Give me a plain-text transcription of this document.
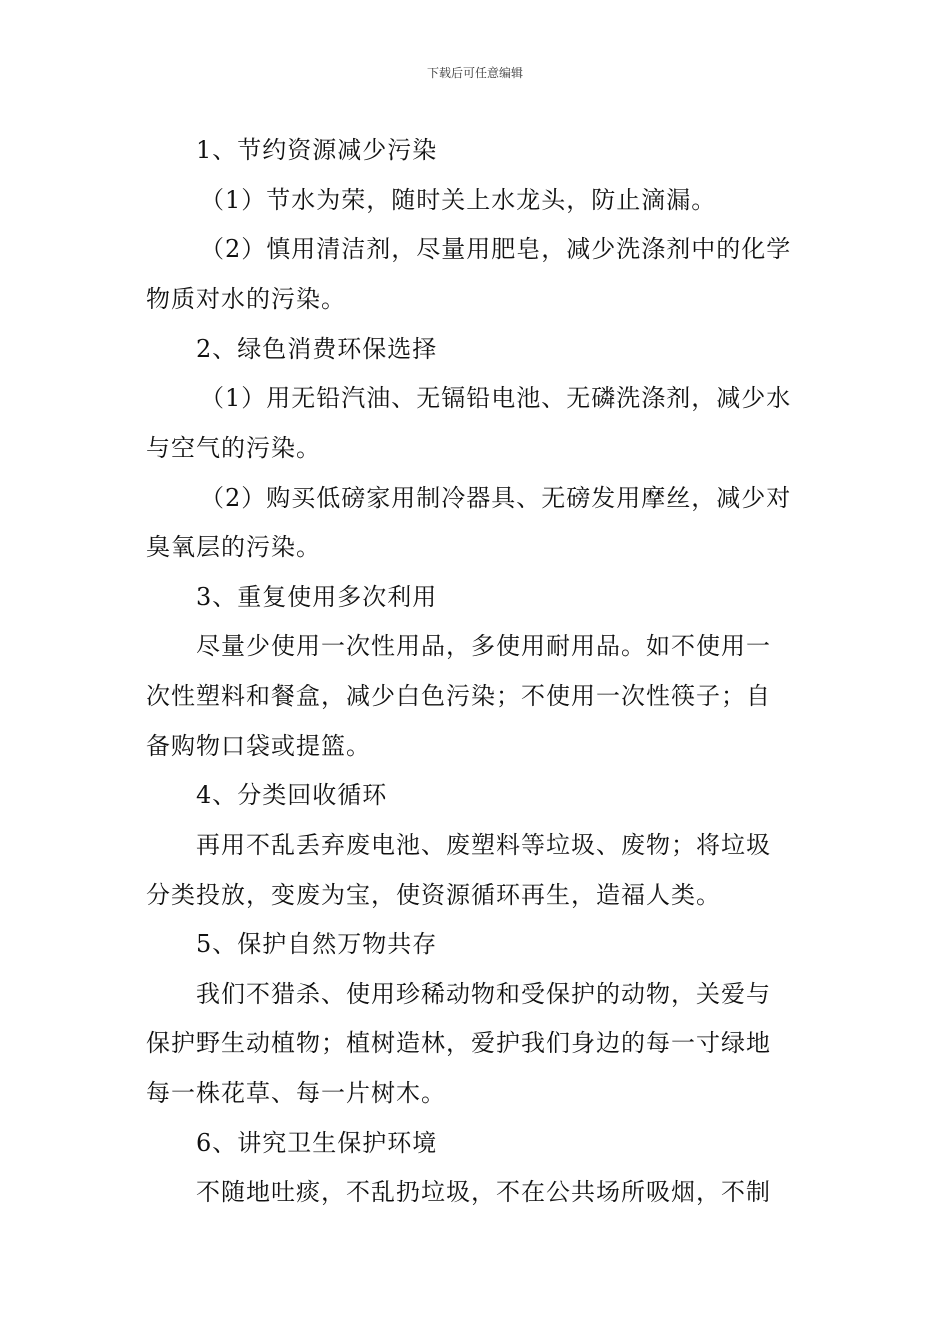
下载后可任意编辑
1、节约资源减少污染
（1）节水为荣，随时关上水龙头，防止滴漏。
（2）慎用清洁剂，尽量用肥皂，减少洗涤剂中的化学
物质对水的污染。
2、绿色消费环保选择
（1）用无铅汽油、无镉铅电池、无磷洗涤剂，减少水
与空气的污染。
（2）购买低磅家用制冷器具、无磅发用摩丝，减少对
臭氧层的污染。
3、重复使用多次利用
尽量少使用一次性用品，多使用耐用品。如不使用一
次性塑料和餐盒，减少白色污染；不使用一次性筷子；自
备购物口袋或提篮。
4、分类回收循环
再用不乱丢弃废电池、废塑料等垃圾、废物；将垃圾
分类投放，变废为宝，使资源循环再生，造福人类。
5、保护自然万物共存
我们不猎杀、使用珍稀动物和受保护的动物，关爱与
保护野生动植物；植树造林，爱护我们身边的每一寸绿地
每一株花草、每一片树木。
6、讲究卫生保护环境
不随地吐痰，不乱扔垃圾，不在公共场所吸烟，不制
